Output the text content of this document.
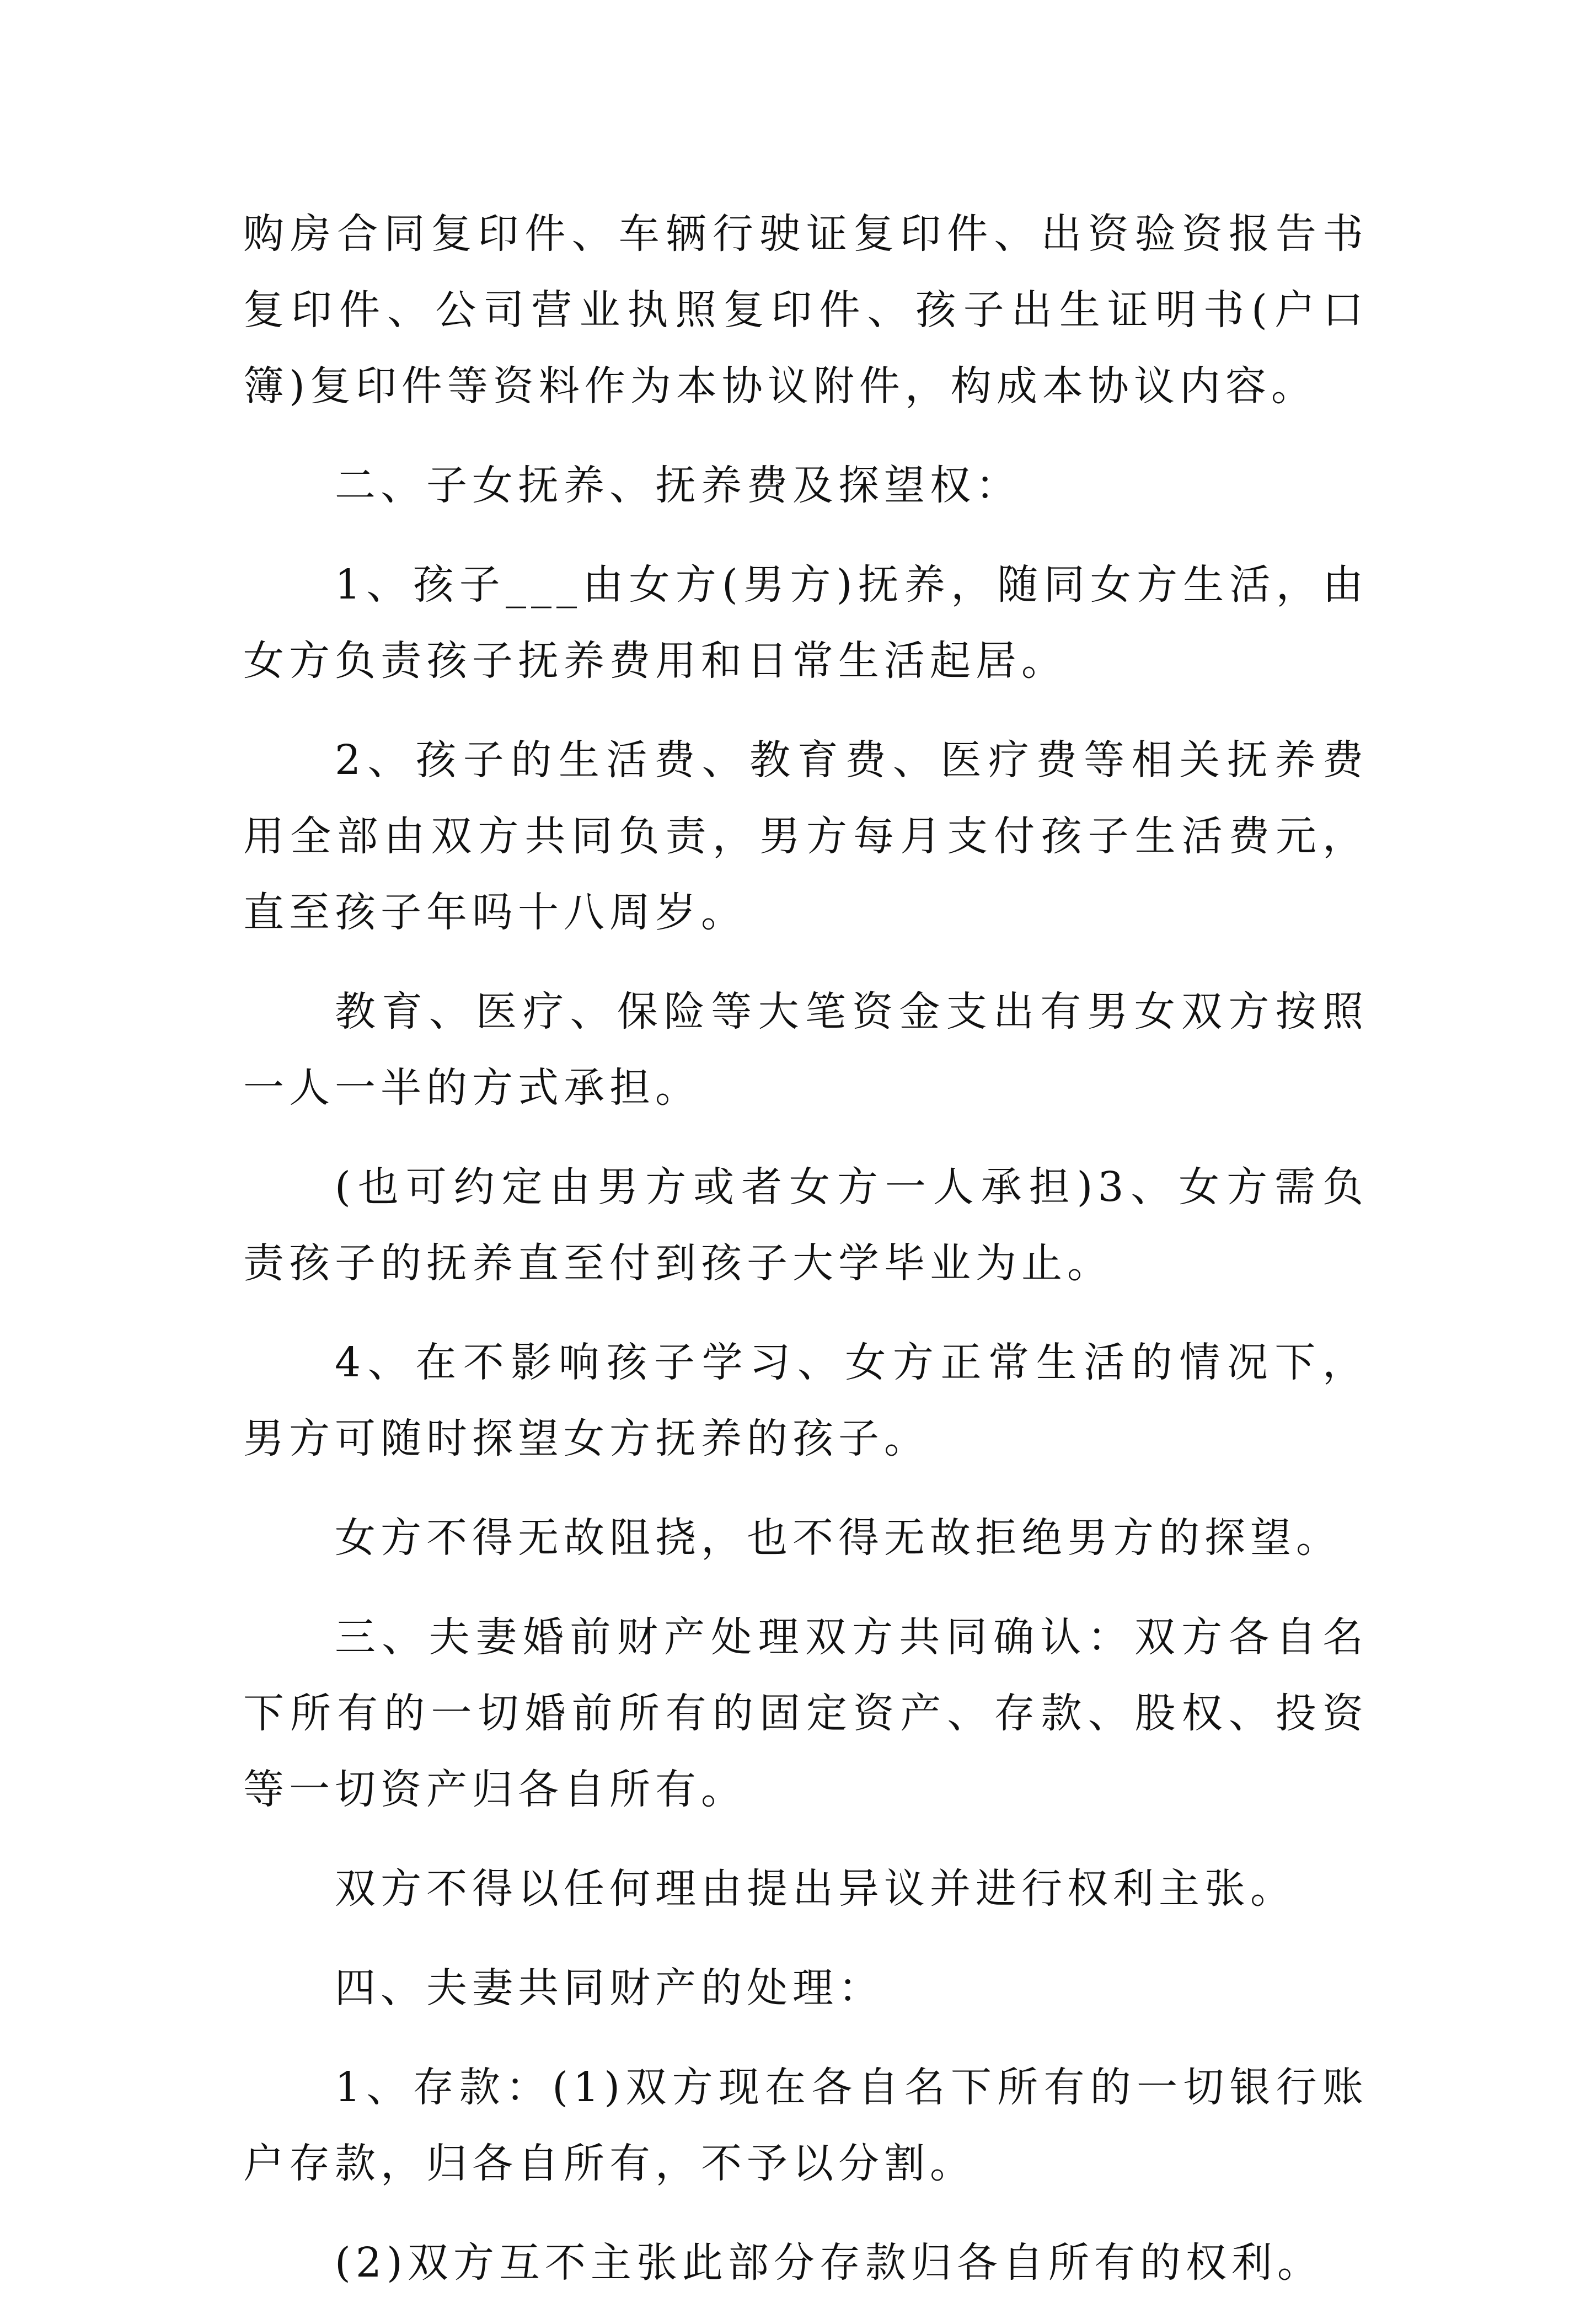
购房合同复印件、车辆行驶证复印件、出资验资报告书复印件、公司营业执照复印件、孩子出生证明书(户口簿)复印件等资料作为本协议附件，构成本协议内容。

二、子女抚养、抚养费及探望权：

1、孩子___由女方(男方)抚养，随同女方生活，由女方负责孩子抚养费用和日常生活起居。

2、孩子的生活费、教育费、医疗费等相关抚养费用全部由双方共同负责，男方每月支付孩子生活费元，直至孩子年吗十八周岁。

教育、医疗、保险等大笔资金支出有男女双方按照一人一半的方式承担。

(也可约定由男方或者女方一人承担)3、女方需负责孩子的抚养直至付到孩子大学毕业为止。

4、在不影响孩子学习、女方正常生活的情况下，男方可随时探望女方抚养的孩子。

女方不得无故阻挠，也不得无故拒绝男方的探望。

三、夫妻婚前财产处理双方共同确认：双方各自名下所有的一切婚前所有的固定资产、存款、股权、投资等一切资产归各自所有。

双方不得以任何理由提出异议并进行权利主张。

四、夫妻共同财产的处理：

1、存款：(1)双方现在各自名下所有的一切银行账户存款，归各自所有，不予以分割。

(2)双方互不主张此部分存款归各自所有的权利。
